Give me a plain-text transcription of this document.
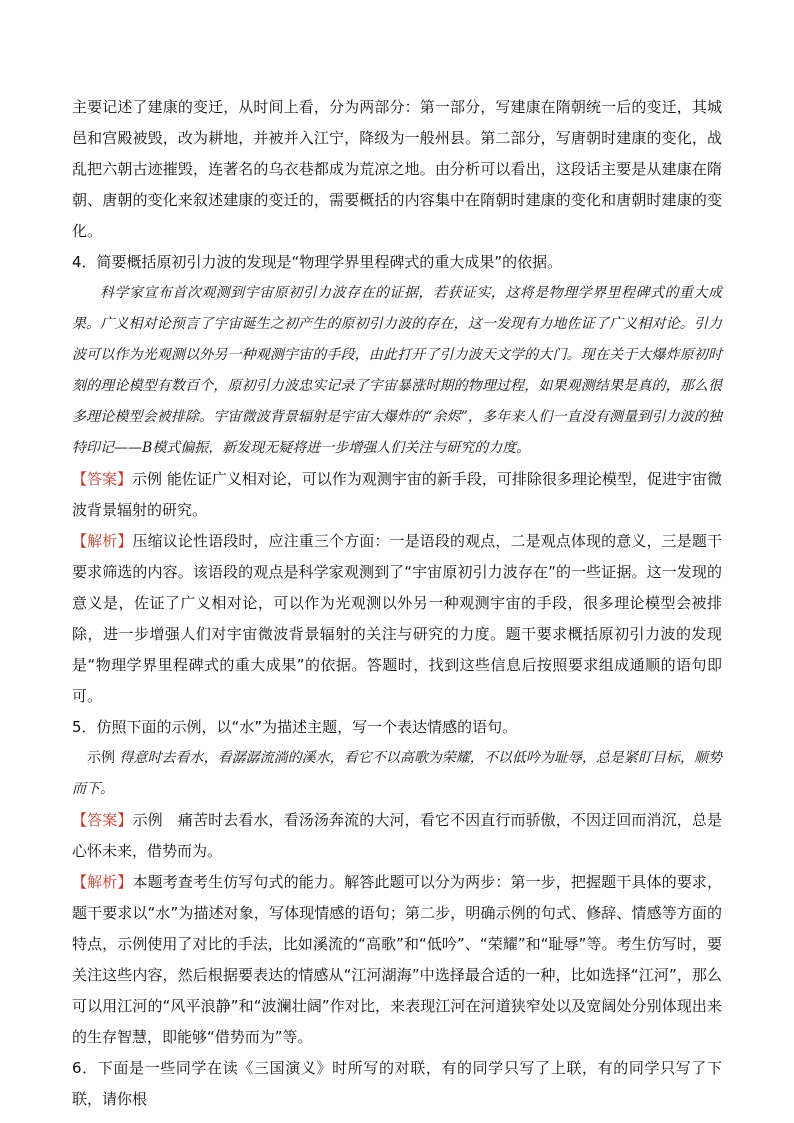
主要记述了建康的变迁，从时间上看，分为两部分：第一部分，写建康在隋朝统一后的变迁，其城邑和宫殿被毁，改为耕地，并被并入江宁，降级为一般州县。第二部分，写唐朝时建康的变化，战乱把六朝古迹摧毁，连著名的乌衣巷都成为荒凉之地。由分析可以看出，这段话主要是从建康在隋朝、唐朝的变化来叙述建康的变迁的，需要概括的内容集中在隋朝时建康的变化和唐朝时建康的变化。

4．简要概括原初引力波的发现是“物理学界里程碑式的重大成果”的依据。

科学家宣布首次观测到宇宙原初引力波存在的证据，若获证实，这将是物理学界里程碑式的重大成果。广义相对论预言了宇宙诞生之初产生的原初引力波的存在，这一发现有力地佐证了广义相对论。引力波可以作为光观测以外另一种观测宇宙的手段，由此打开了引力波天文学的大门。现在关于大爆炸原初时刻的理论模型有数百个，原初引力波忠实记录了宇宙暴涨时期的物理过程，如果观测结果是真的，那么很多理论模型会被排除。宇宙微波背景辐射是宇宙大爆炸的“余烬”，多年来人们一直没有测量到引力波的独特印记——B模式偏振，新发现无疑将进一步增强人们关注与研究的力度。

【答案】示例 能佐证广义相对论，可以作为观测宇宙的新手段，可排除很多理论模型，促进宇宙微波背景辐射的研究。

【解析】压缩议论性语段时，应注重三个方面：一是语段的观点，二是观点体现的意义，三是题干要求筛选的内容。该语段的观点是科学家观测到了“宇宙原初引力波存在”的一些证据。这一发现的意义是，佐证了广义相对论，可以作为光观测以外另一种观测宇宙的手段，很多理论模型会被排除，进一步增强人们对宇宙微波背景辐射的关注与研究的力度。题干要求概括原初引力波的发现是“物理学界里程碑式的重大成果”的依据。答题时，找到这些信息后按照要求组成通顺的语句即可。

5．仿照下面的示例，以“水”为描述主题，写一个表达情感的语句。

示例 得意时去看水，看潺潺流淌的溪水，看它不以高歌为荣耀，不以低吟为耻辱，总是紧盯目标，顺势而下。

【答案】示例　痛苦时去看水，看汤汤奔流的大河，看它不因直行而骄傲，不因迂回而消沉，总是心怀未来，借势而为。

【解析】本题考查考生仿写句式的能力。解答此题可以分为两步：第一步，把握题干具体的要求，题干要求以“水”为描述对象，写体现情感的语句；第二步，明确示例的句式、修辞、情感等方面的特点，示例使用了对比的手法，比如溪流的“高歌”和“低吟”、“荣耀”和“耻辱”等。考生仿写时，要关注这些内容，然后根据要表达的情感从“江河湖海”中选择最合适的一种，比如选择“江河”，那么可以用江河的“风平浪静”和“波澜壮阔”作对比，来表现江河在河道狭窄处以及宽阔处分别体现出来的生存智慧，即能够“借势而为”等。

6．下面是一些同学在读《三国演义》时所写的对联，有的同学只写了上联，有的同学只写了下联，请你根
